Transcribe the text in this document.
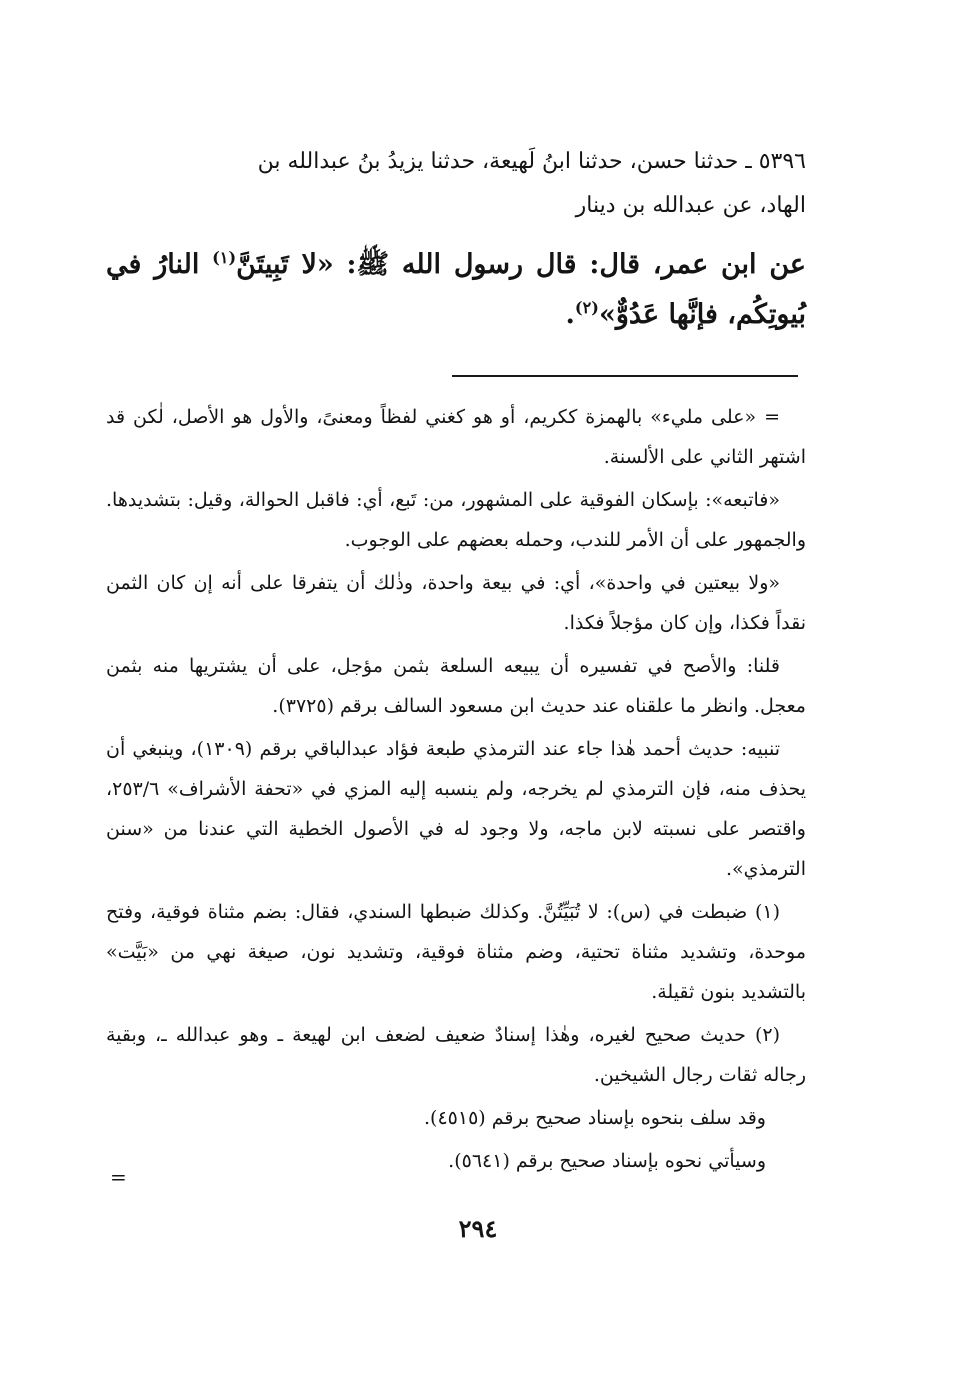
٥٣٩٦ ـ حدثنا حسن، حدثنا ابنُ لَهيعة، حدثنا يزيدُ بنُ عبدالله بن
الهاد، عن عبدالله بن دينار
عن ابن عمر، قال: قال رسول الله ﷺ: «لا تَبِيتَنَّ$^{(١)}$ النارُ في بُيوتِكُم، فإنَّها عَدُوٌّ»$^{(٢)}$.

= «على مليء» بالهمزة ككريم، أو هو كغني لفظاً ومعنىً، والأول هو الأصل، لٰكن قد اشتهر الثاني على الألسنة.

«فاتبعه»: بإسكان الفوقية على المشهور، من: تَبع، أي: فاقبل الحوالة، وقيل: بتشديدها. والجمهور على أن الأمر للندب، وحمله بعضهم على الوجوب.

«ولا بيعتين في واحدة»، أي: في بيعة واحدة، وذٰلك أن يتفرقا على أنه إن كان الثمن نقداً فكذا، وإن كان مؤجلاً فكذا.

قلنا: والأصح في تفسيره أن يبيعه السلعة بثمن مؤجل، على أن يشتريها منه بثمن معجل. وانظر ما علقناه عند حديث ابن مسعود السالف برقم (٣٧٢٥).

تنبيه: حديث أحمد هٰذا جاء عند الترمذي طبعة فؤاد عبدالباقي برقم (١٣٠٩)، وينبغي أن يحذف منه، فإن الترمذي لم يخرجه، ولم ينسبه إليه المزي في «تحفة الأشراف» ٢٥٣/٦، واقتصر على نسبته لابن ماجه، ولا وجود له في الأصول الخطية التي عندنا من «سنن الترمذي».

(١) ضبطت في (س): لا تُبَيِّتُنَّ. وكذلك ضبطها السندي، فقال: بضم مثناة فوقية، وفتح موحدة، وتشديد مثناة تحتية، وضم مثناة فوقية، وتشديد نون، صيغة نهي من «بَيَّت» بالتشديد بنون ثقيلة.

(٢) حديث صحيح لغيره، وهٰذا إسنادٌ ضعيف لضعف ابن لهيعة ـ وهو عبدالله ـ، وبقية رجاله ثقات رجال الشيخين.

وقد سلف بنحوه بإسناد صحيح برقم (٤٥١٥).

وسيأتي نحوه بإسناد صحيح برقم (٥٦٤١).

=
٢٩٤
